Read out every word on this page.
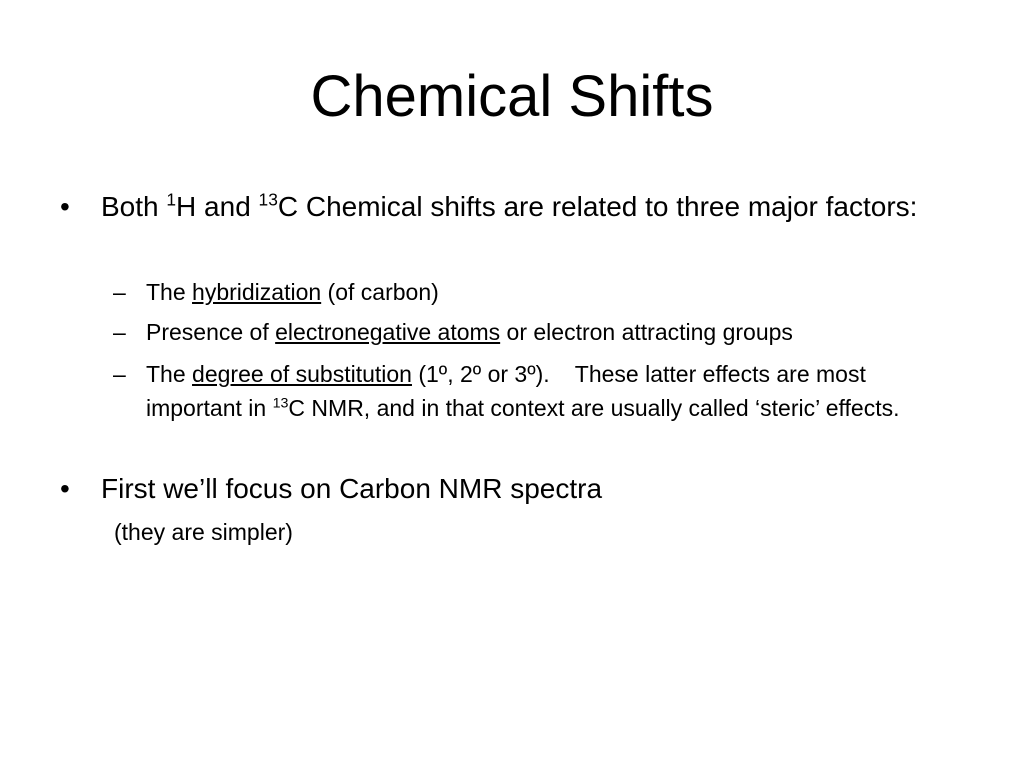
Chemical Shifts
•	Both $^1$H and $^{13}$C Chemical shifts are related to three major factors:
– The hybridization (of carbon)
– Presence of electronegative atoms or electron attracting groups
– The degree of substitution (1º, 2º or 3º).    These latter effects are most important in $^{13}$C NMR, and in that context are usually called ‘steric’ effects.
•	First we’ll focus on Carbon NMR spectra
(they are simpler)
